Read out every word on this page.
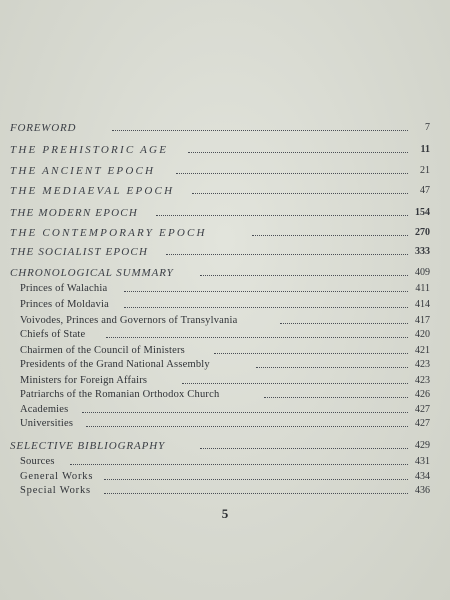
FOREWORD	7
THE PREHISTORIC AGE	11
THE ANCIENT EPOCH	21
THE MEDIAEVAL EPOCH	47
THE MODERN EPOCH	154
THE CONTEMPORARY EPOCH	270
THE SOCIALIST EPOCH	333
CHRONOLOGICAL SUMMARY	409
Princes of Walachia	411
Princes of Moldavia	414
Voivodes, Princes and Governors of Transylvania	417
Chiefs of State	420
Chairmen of the Council of Ministers	421
Presidents of the Grand National Assembly	423
Ministers for Foreign Affairs	423
Patriarchs of the Romanian Orthodox Church	426
Academies	427
Universities	427
SELECTIVE BIBLIOGRAPHY	429
Sources	431
General Works	434
Special Works	436
5
